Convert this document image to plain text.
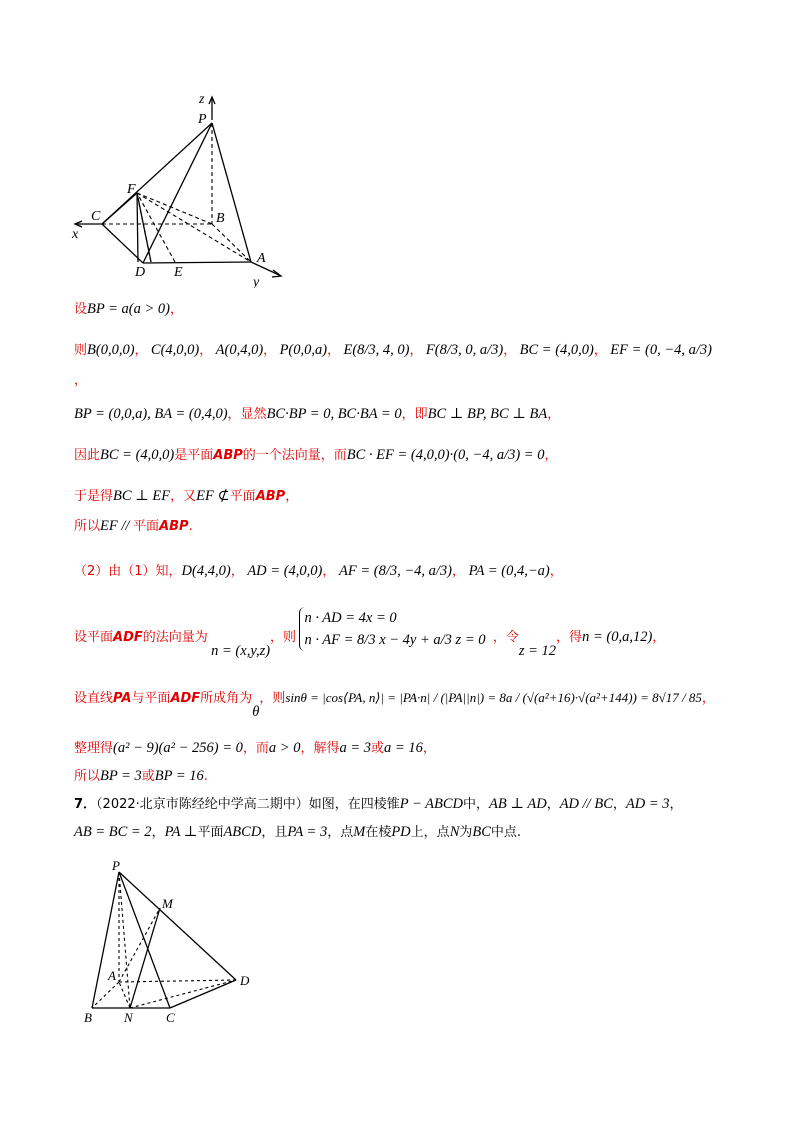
z
P
F
C	B
x
A
D E
y
设BP = a(a > 0)，
则B(0,0,0)， C(4,0,0)， A(0,4,0)， P(0,0,a)， E(8/3, 4, 0)， F(8/3, 0, a/3)， BC = (4,0,0)， EF = (0, −4, a/3)
，
BP = (0,0,a), BA = (0,4,0)，显然BC·BP = 0, BC·BA = 0，即BC ⊥ BP, BC ⊥ BA，
因此BC = (4,0,0)是平面ABP的一个法向量，而BC · EF = (4,0,0)·(0, −4, a/3) = 0，
于是得BC ⊥ EF，又EF ⊄平面ABP，
所以EF // 平面ABP.
（2）由（1）知，D(4,4,0)， AD = (4,0,0)， AF = (8/3, −4, a/3)， PA = (0,4,−a)，
设平面ADF的法向量为 n = (x,y,z)，则
n · AD = 4x = 0
n · AF = 8/3 x − 4y + a/3 z = 0 ，令z = 12，得n = (0,a,12)，
设直线PA与平面ADF所成角为θ，则sinθ = |cos⟨PA, n⟩| = |PA·n| / (|PA||n|) = 8a / (√(a²+16)·√(a²+144)) = 8√17 / 85，
整理得(a² − 9)(a² − 256) = 0，而a > 0，解得a = 3或a = 16，
所以BP = 3或BP = 16.
7．（2022·北京市陈经纶中学高二期中）如图，在四棱锥P − ABCD中，AB ⊥ AD，AD // BC，AD = 3，
AB = BC = 2，PA ⊥平面ABCD，且PA = 3，点M在棱PD上，点N为BC中点.
P
M
A	D
B N	C
